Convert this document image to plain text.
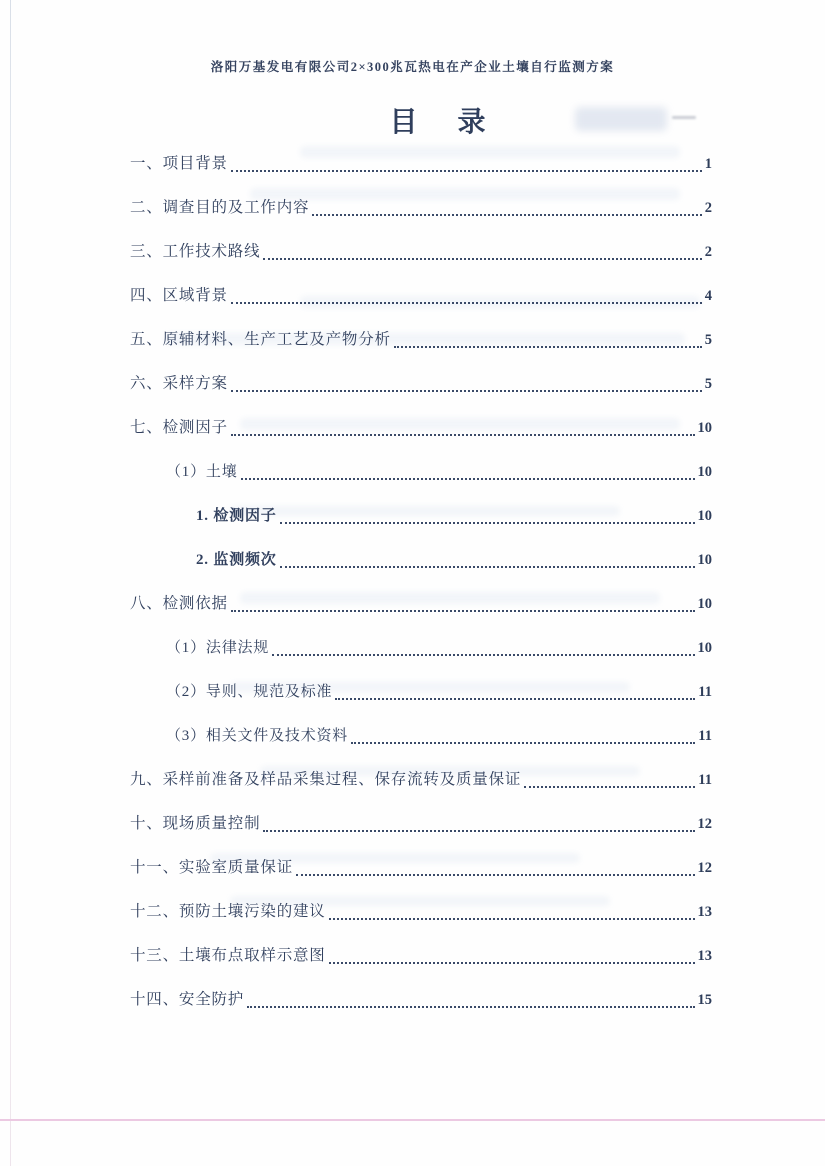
洛阳万基发电有限公司2×300兆瓦热电在产企业土壤自行监测方案
目　录
一、项目背景	1
二、调查目的及工作内容	2
三、工作技术路线	2
四、区域背景	4
五、原辅材料、生产工艺及产物分析	5
六、采样方案	5
七、检测因子	10
（1）土壤	10
1. 检测因子	10
2. 监测频次	10
八、检测依据	10
（1）法律法规	10
（2）导则、规范及标准	11
（3）相关文件及技术资料	11
九、采样前准备及样品采集过程、保存流转及质量保证	11
十、现场质量控制	12
十一、实验室质量保证	12
十二、预防土壤污染的建议	13
十三、土壤布点取样示意图	13
十四、安全防护	15
